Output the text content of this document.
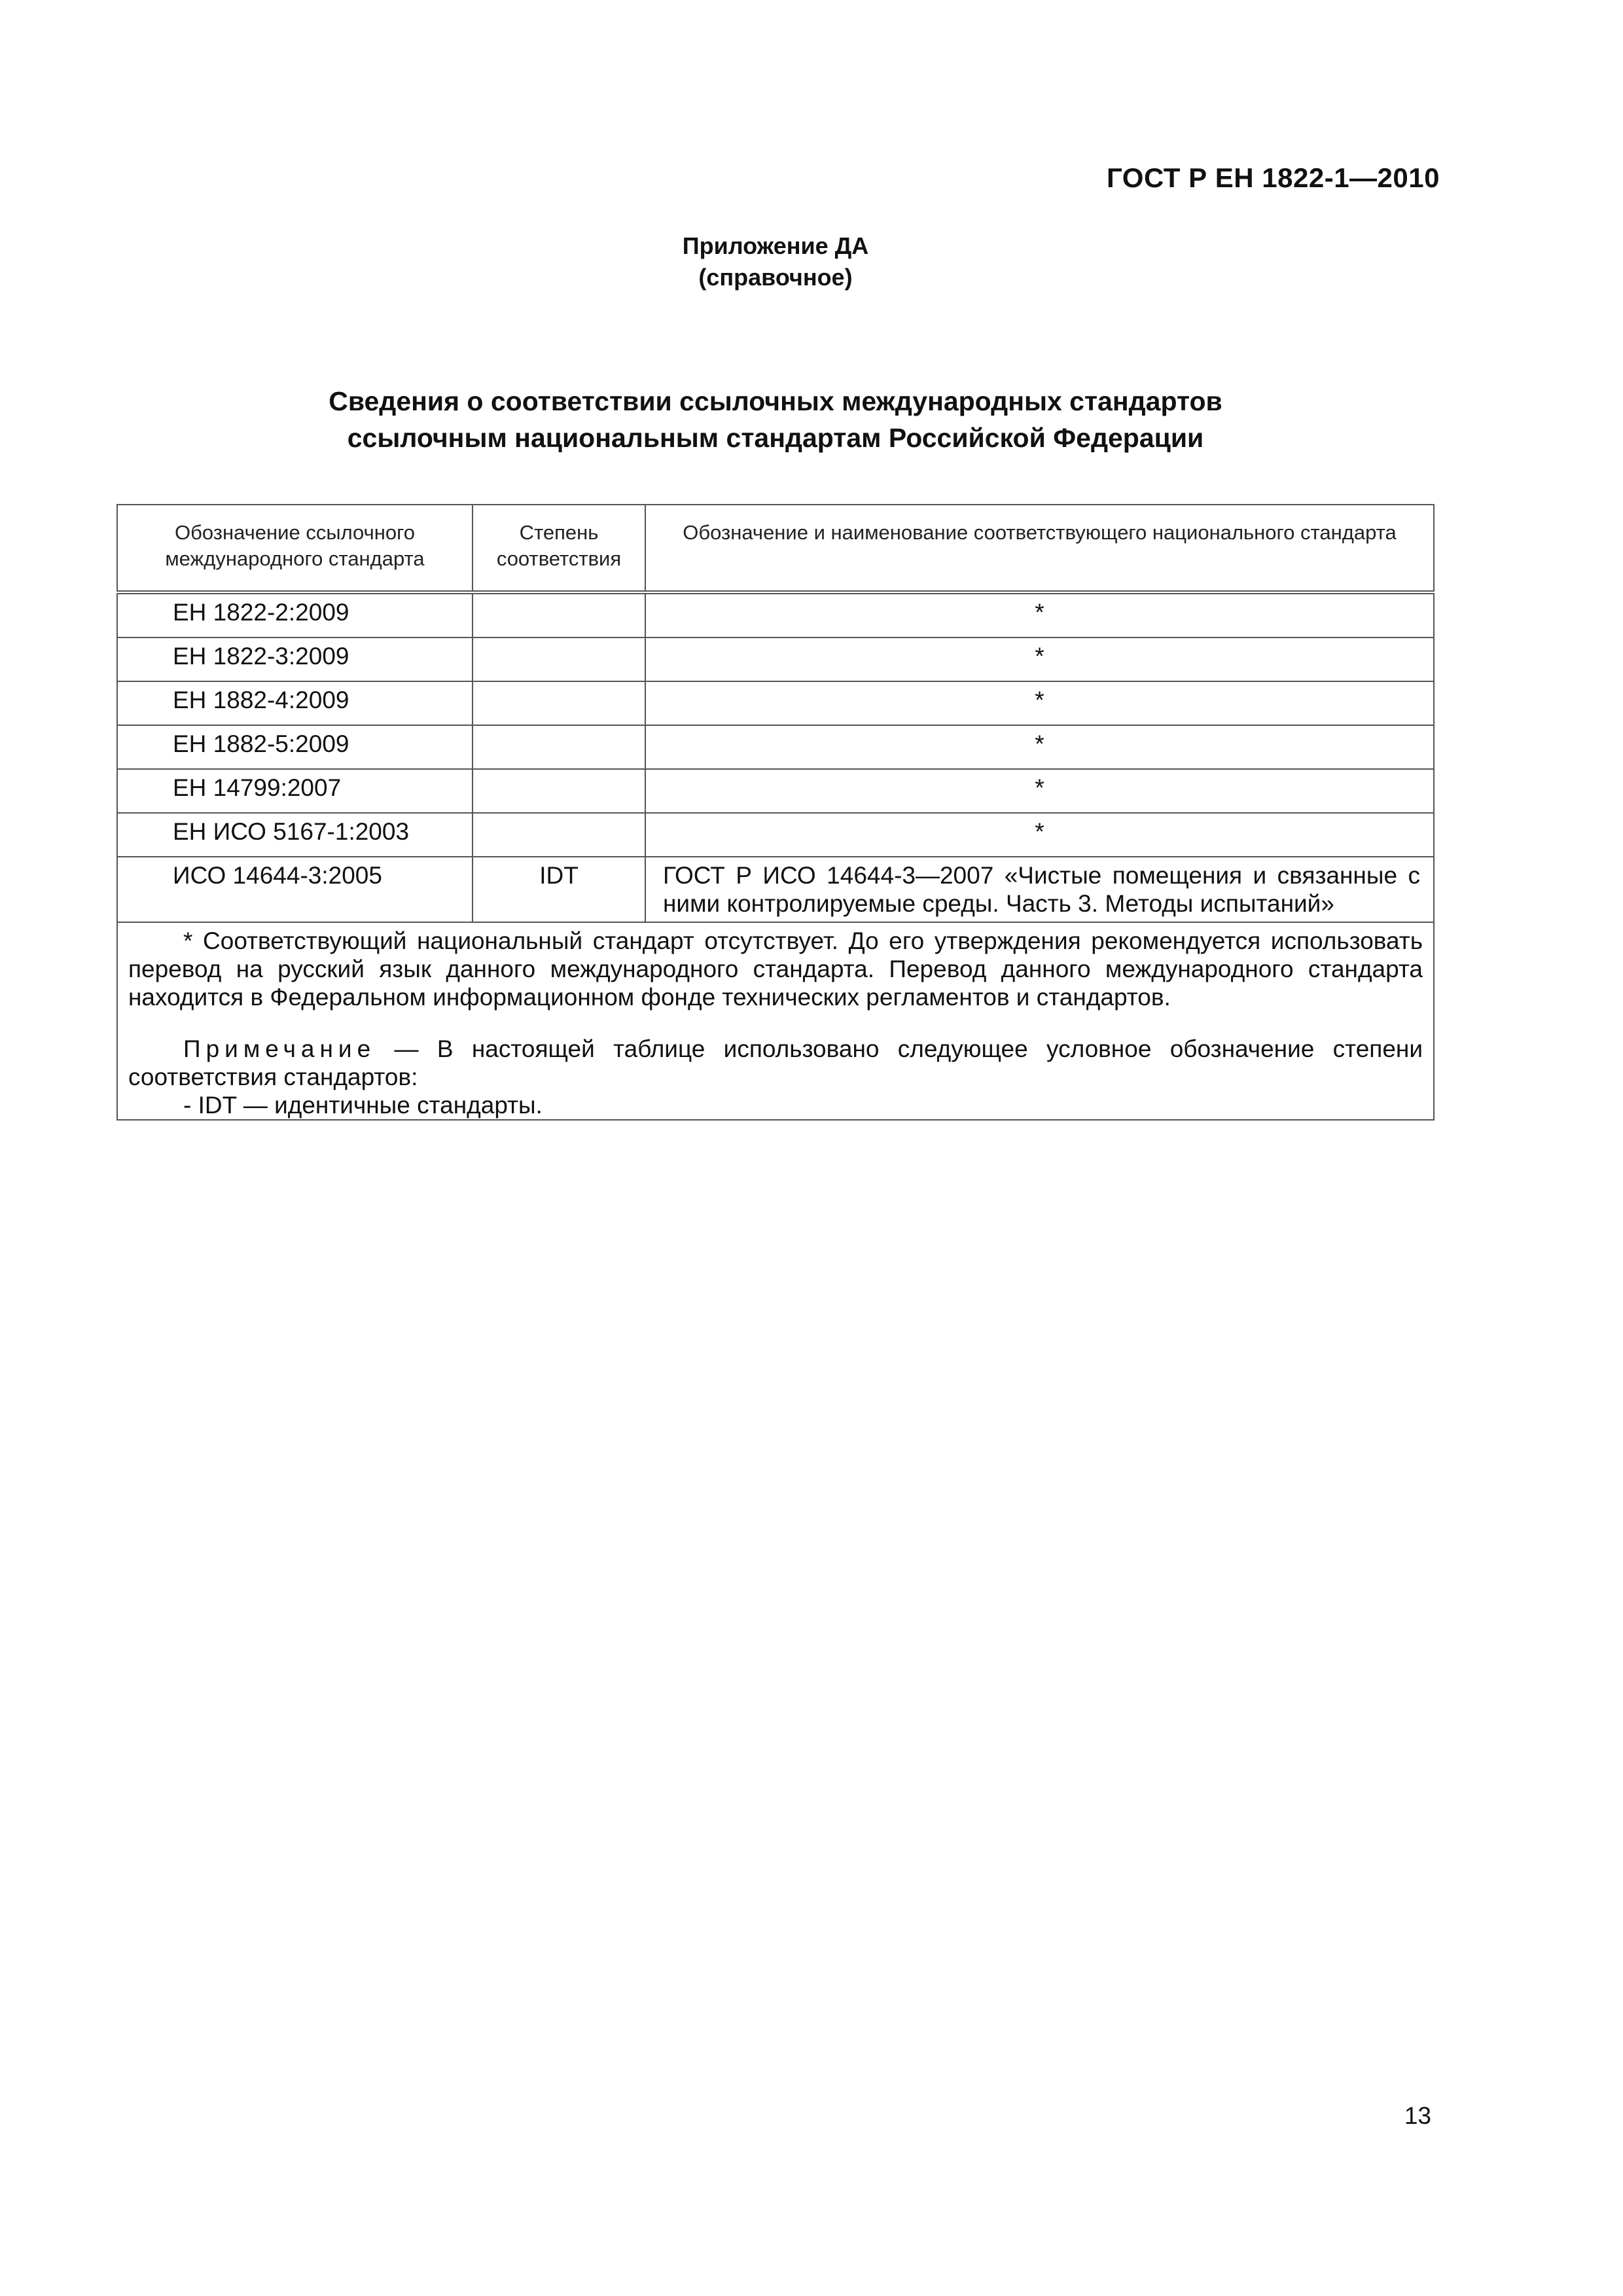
ГОСТ Р ЕН 1822-1—2010
Приложение ДА
(справочное)
Сведения о соответствии ссылочных международных стандартов
ссылочным национальным стандартам Российской Федерации
Обозначение ссылочного международного стандарта	Степень соответствия	Обозначение и наименование соответствующего национального стандарта
ЕН 1822-2:2009		*
ЕН 1822-3:2009		*
ЕН 1882-4:2009		*
ЕН 1882-5:2009		*
ЕН 14799:2007		*
ЕН ИСО 5167-1:2003		*
ИСО 14644-3:2005	IDT	ГОСТ Р ИСО 14644-3—2007 «Чистые помещения и связанные с ними контролируемые среды. Часть 3. Методы испытаний»

* Соответствующий национальный стандарт отсутствует. До его утверждения рекомендуется использовать перевод на русский язык данного международного стандарта. Перевод данного международного стандарта находится в Федеральном информационном фонде технических регламентов и стандартов.

Примечание — В настоящей таблице использовано следующее условное обозначение степени соответствия стандартов:

- IDT — идентичные стандарты.		

13
